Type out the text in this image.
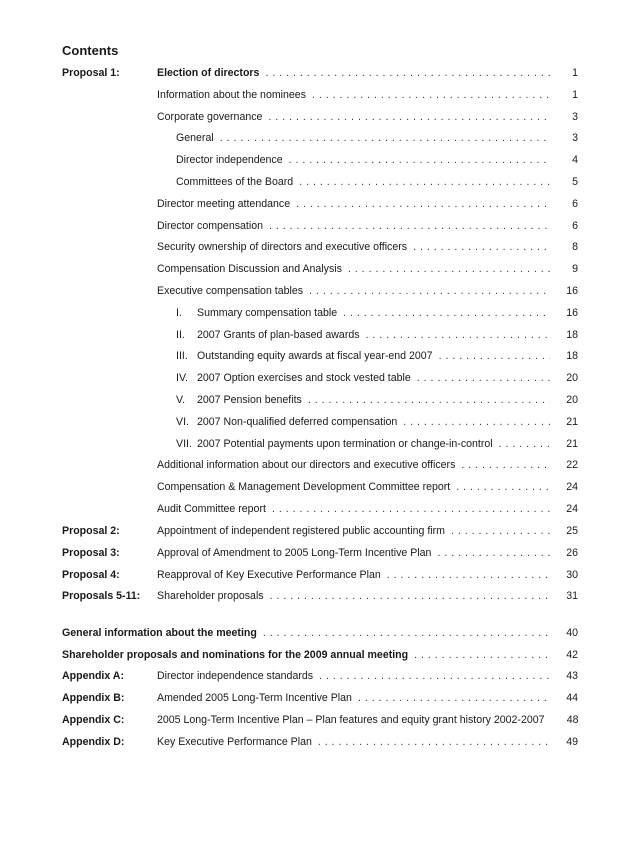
Contents
Proposal 1:	Election of directors . . .	1
Information about the nominees . . .	1
Corporate governance . . .	3
General . . .	3
Director independence . . .	4
Committees of the Board . . .	5
Director meeting attendance . . .	6
Director compensation . . .	6
Security ownership of directors and executive officers . . .	8
Compensation Discussion and Analysis . . .	9
Executive compensation tables . . .	16
I. Summary compensation table . . .	16
II. 2007 Grants of plan-based awards . . .	18
III. Outstanding equity awards at fiscal year-end 2007 . . .	18
IV. 2007 Option exercises and stock vested table . . .	20
V. 2007 Pension benefits . . .	20
VI. 2007 Non-qualified deferred compensation . . .	21
VII. 2007 Potential payments upon termination or change-in-control . . .	21
Additional information about our directors and executive officers . . .	22
Compensation & Management Development Committee report . . .	24
Audit Committee report . . .	24
Proposal 2:	Appointment of independent registered public accounting firm . . .	25
Proposal 3:	Approval of Amendment to 2005 Long-Term Incentive Plan . . .	26
Proposal 4:	Reapproval of Key Executive Performance Plan . . .	30
Proposals 5-11:	Shareholder proposals . . .	31
General information about the meeting . . .	40
Shareholder proposals and nominations for the 2009 annual meeting . . .	42
Appendix A:	Director independence standards . . .	43
Appendix B:	Amended 2005 Long-Term Incentive Plan . . .	44
Appendix C:	2005 Long-Term Incentive Plan – Plan features and equity grant history 2002-2007	48
Appendix D:	Key Executive Performance Plan . . .	49
